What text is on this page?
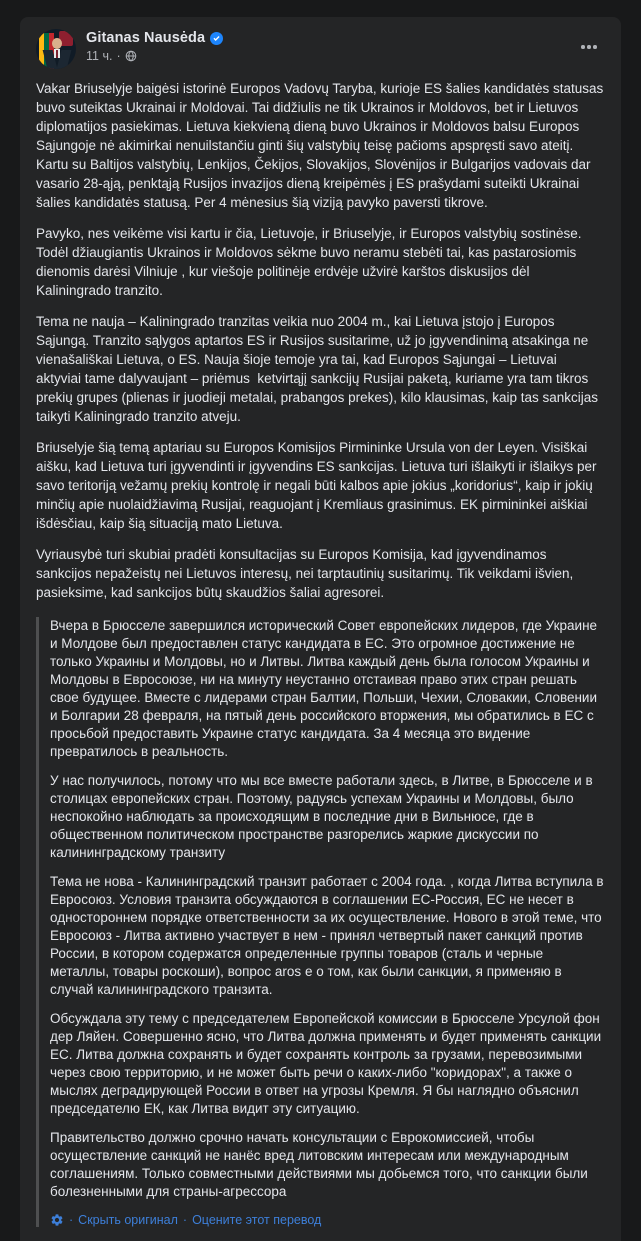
Gitanas Nausėda
11 ч. ·

Vakar Briuselyje baigėsi istorinė Europos Vadovų Taryba, kurioje ES šalies kandidatės statusas buvo suteiktas Ukrainai ir Moldovai. Tai didžiulis ne tik Ukrainos ir Moldovos, bet ir Lietuvos diplomatijos pasiekimas. Lietuva kiekvieną dieną buvo Ukrainos ir Moldovos balsu Europos Sąjungoje nė akimirkai nenuilstančiu ginti šių valstybių teisę pačioms apspręsti savo ateitį. Kartu su Baltijos valstybių, Lenkijos, Čekijos, Slovakijos, Slovėnijos ir Bulgarijos vadovais dar vasario 28-ąją, penktąją Rusijos invazijos dieną kreipėmės į ES prašydami suteikti Ukrainai šalies kandidatės statusą. Per 4 mėnesius šią viziją pavyko paversti tikrove.

Pavyko, nes veikėme visi kartu ir čia, Lietuvoje, ir Briuselyje, ir Europos valstybių sostinėse. Todėl džiaugiantis Ukrainos ir Moldovos sėkme buvo neramu stebėti tai, kas pastarosiomis dienomis darėsi Vilniuje , kur viešoje politinėje erdvėje užvirė karštos diskusijos dėl Kaliningrado tranzito.

Tema ne nauja – Kaliningrado tranzitas veikia nuo 2004 m., kai Lietuva įstojo į Europos Sąjungą. Tranzito sąlygos aptartos ES ir Rusijos susitarime, už jo įgyvendinimą atsakinga ne vienašališkai Lietuva, o ES. Nauja šioje temoje yra tai, kad Europos Sąjungai – Lietuvai aktyviai tame dalyvaujant – priėmus  ketvirtąjį sankcijų Rusijai paketą, kuriame yra tam tikros prekių grupes (plienas ir juodieji metalai, prabangos prekes), kilo klausimas, kaip tas sankcijas taikyti Kaliningrado tranzito atveju.

Briuselyje šią temą aptariau su Europos Komisijos Pirmininke Ursula von der Leyen. Visiškai aišku, kad Lietuva turi įgyvendinti ir įgyvendins ES sankcijas. Lietuva turi išlaikyti ir išlaikys per savo teritoriją vežamų prekių kontrolę ir negali būti kalbos apie jokius „koridorius“, kaip ir jokių minčių apie nuolaidžiavimą Rusijai, reaguojant į Kremliaus grasinimus. EK pirmininkei aiškiai išdėsčiau, kaip šią situaciją mato Lietuva.

Vyriausybė turi skubiai pradėti konsultacijas su Europos Komisija, kad įgyvendinamos sankcijos nepažeistų nei Lietuvos interesų, nei tarptautinių susitarimų. Tik veikdami išvien, pasieksime, kad sankcijos būtų skaudžios šaliai agresorei.

Вчера в Брюсселе завершился исторический Совет европейских лидеров, где Украине и Молдове был предоставлен статус кандидата в ЕС. Это огромное достижение не только Украины и Молдовы, но и Литвы. Литва каждый день была голосом Украины и Молдовы в Евросоюзе, ни на минуту неустанно отстаивая право этих стран решать свое будущее. Вместе с лидерами стран Балтии, Польши, Чехии, Словакии, Словении и Болгарии 28 февраля, на пятый день российского вторжения, мы обратились в ЕС с просьбой предоставить Украине статус кандидата. За 4 месяца это видение превратилось в реальность.

У нас получилось, потому что мы все вместе работали здесь, в Литве, в Брюсселе и в столицах европейских стран. Поэтому, радуясь успехам Украины и Молдовы, было неспокойно наблюдать за происходящим в последние дни в Вильнюсе, где в общественном политическом пространстве разгорелись жаркие дискуссии по калининградскому транзиту

Тема не нова - Калининградский транзит работает с 2004 года. , когда Литва вступила в Евросоюз. Условия транзита обсуждаются в соглашении ЕС-Россия, ЕС не несет в одностороннем порядке ответственности за их осуществление. Нового в этой теме, что Евросоюз - Литва активно участвует в нем - принял четвертый пакет санкций против России, в котором содержатся определенные группы товаров (сталь и черные металлы, товары роскоши), вопрос aros е о том, как были санкции, я применяю в случай калининградского транзита.

Обсуждала эту тему с председателем Европейской комиссии в Брюсселе Урсулой фон дер Ляйен. Совершенно ясно, что Литва должна применять и будет применять санкции ЕС. Литва должна сохранять и будет сохранять контроль за грузами, перевозимыми через свою территорию, и не может быть речи о каких-либо "коридорах", а также о мыслях деградирующей России в ответ на угрозы Кремля. Я бы наглядно объяснил председателю ЕК, как Литва видит эту ситуацию.

Правительство должно срочно начать консультации с Еврокомиссией, чтобы осуществление санкций не нанёс вред литовским интересам или международным соглашениям. Только совместными действиями мы добьемся того, что санкции были болезненными для страны-агрессора

· Скрыть оригинал · Оцените этот перевод
